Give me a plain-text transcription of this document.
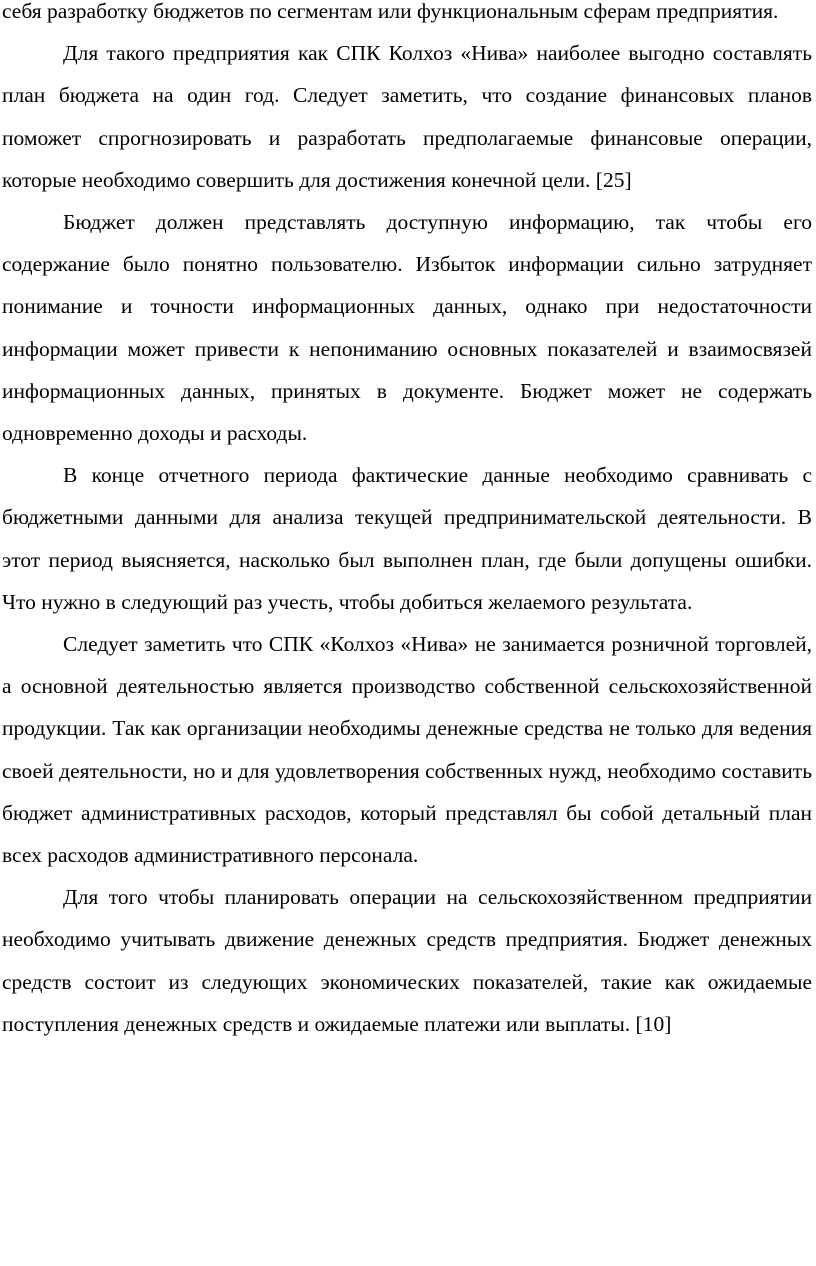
себя разработку бюджетов по сегментам или функциональным сферам предприятия.

Для такого предприятия как СПК Колхоз «Нива» наиболее выгодно составлять план бюджета на один год. Следует заметить, что создание финансовых планов поможет спрогнозировать и разработать предполагаемые финансовые операции, которые необходимо совершить для достижения конечной цели. [25]

Бюджет должен представлять доступную информацию, так чтобы его содержание было понятно пользователю. Избыток информации сильно затрудняет понимание и точности информационных данных, однако при недостаточности информации может привести к непониманию основных показателей и взаимосвязей информационных данных, принятых в документе. Бюджет может не содержать одновременно доходы и расходы.

В конце отчетного периода фактические данные необходимо сравнивать с бюджетными данными для анализа текущей предпринимательской деятельности. В этот период выясняется, насколько был выполнен план, где были допущены ошибки. Что нужно в следующий раз учесть, чтобы добиться желаемого результата.

Следует заметить что СПК «Колхоз «Нива» не занимается розничной торговлей, а основной деятельностью является производство собственной сельскохозяйственной продукции. Так как организации необходимы денежные средства не только для ведения своей деятельности, но и для удовлетворения собственных нужд, необходимо составить бюджет административных расходов, который представлял бы собой детальный план всех расходов административного персонала.

Для того чтобы планировать операции на сельскохозяйственном предприятии необходимо учитывать движение денежных средств предприятия. Бюджет денежных средств состоит из следующих экономических показателей, такие как ожидаемые поступления денежных средств и ожидаемые платежи или выплаты. [10]
